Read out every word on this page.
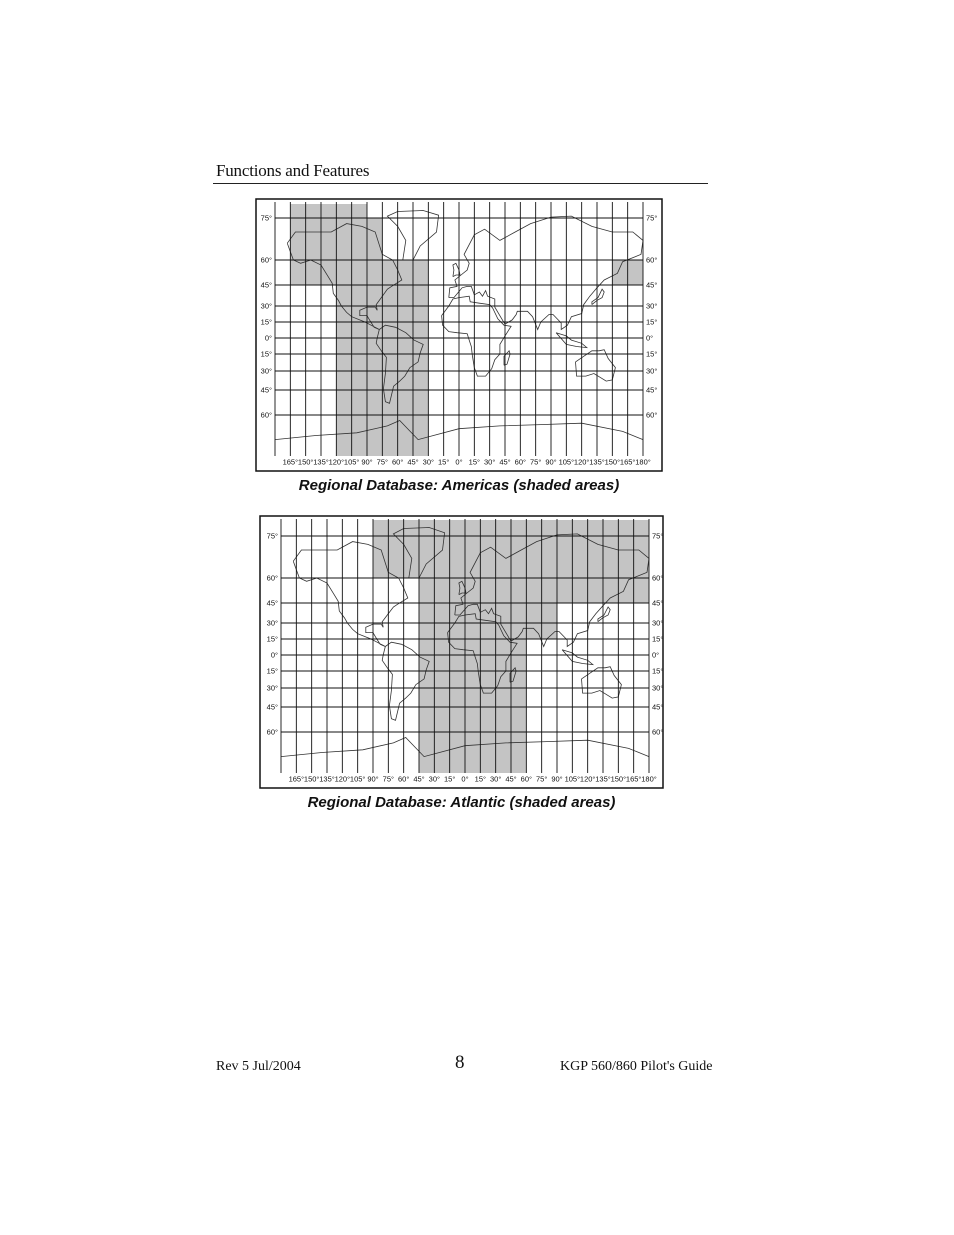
Functions and Features
75°	75°
60°	60°
45°	45°
30°	30°
15°	15°
0°	0°
15°	15°
30°	30°
45°	45°
60°	60°
165° 150° 135° 120° 105° 90° 75° 60° 45° 30° 15° 0° 15° 30° 45° 60° 75° 90° 105° 120° 135° 150° 165° 180°
Regional Database: Americas (shaded areas)
75°	75°
60°	60°
45°	45°
30°	30°
15°	15°
0°	0°
15°	15°
30°	30°
45°	45°
60°	60°
165° 150° 135° 120° 105° 90° 75° 60° 45° 30° 15° 0° 15° 30° 45° 60° 75° 90° 105° 120° 135° 150° 165° 180°
Regional Database: Atlantic (shaded areas)
Rev 5 Jul/2004	8	KGP 560/860 Pilot's Guide
